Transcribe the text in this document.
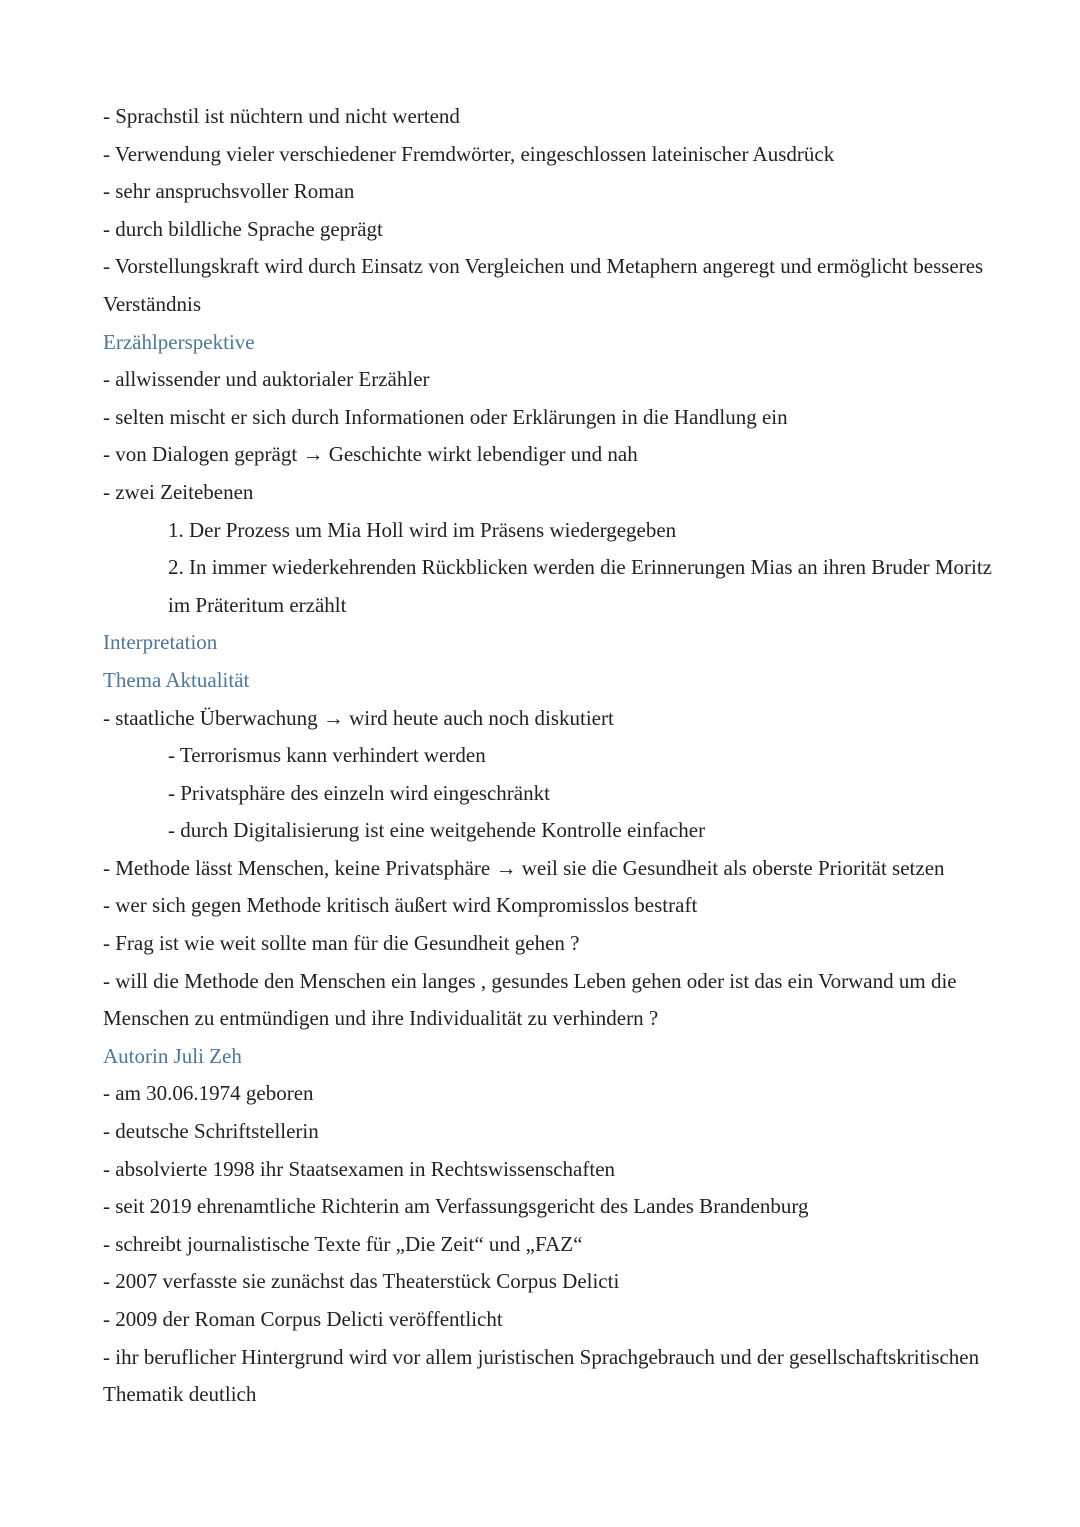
- Sprachstil ist nüchtern und nicht wertend
- Verwendung vieler verschiedener Fremdwörter, eingeschlossen lateinischer Ausdrück
- sehr anspruchsvoller Roman
- durch bildliche Sprache geprägt
- Vorstellungskraft wird durch Einsatz von Vergleichen und Metaphern angeregt und ermöglicht besseres Verständnis
Erzählperspektive
- allwissender und auktorialer Erzähler
- selten mischt er sich durch Informationen oder Erklärungen in die Handlung ein
- von Dialogen geprägt → Geschichte wirkt lebendiger und nah
- zwei Zeitebenen
1. Der Prozess um Mia Holl wird im Präsens wiedergegeben
2. In immer wiederkehrenden Rückblicken werden die Erinnerungen Mias an ihren Bruder Moritz im Präteritum erzählt
Interpretation
Thema Aktualität
- staatliche Überwachung → wird heute auch noch diskutiert
- Terrorismus kann verhindert werden
- Privatsphäre des einzeln wird eingeschränkt
- durch Digitalisierung ist eine weitgehende Kontrolle einfacher
- Methode lässt Menschen, keine Privatsphäre → weil sie die Gesundheit als oberste Priorität setzen
- wer sich gegen Methode kritisch äußert wird Kompromisslos bestraft
- Frag ist wie weit sollte man für die Gesundheit gehen ?
- will die Methode den Menschen ein langes , gesundes Leben gehen oder ist das ein Vorwand um die Menschen zu entmündigen und ihre Individualität zu verhindern ?
Autorin Juli Zeh
- am 30.06.1974 geboren
- deutsche Schriftstellerin
- absolvierte 1998 ihr Staatsexamen in Rechtswissenschaften
- seit 2019 ehrenamtliche Richterin am Verfassungsgericht des Landes Brandenburg
- schreibt journalistische Texte für „Die Zeit“ und „FAZ“
- 2007 verfasste sie zunächst das Theaterstück Corpus Delicti
- 2009 der Roman Corpus Delicti veröffentlicht
- ihr beruflicher Hintergrund wird vor allem juristischen Sprachgebrauch und der gesellschaftskritischen Thematik deutlich
